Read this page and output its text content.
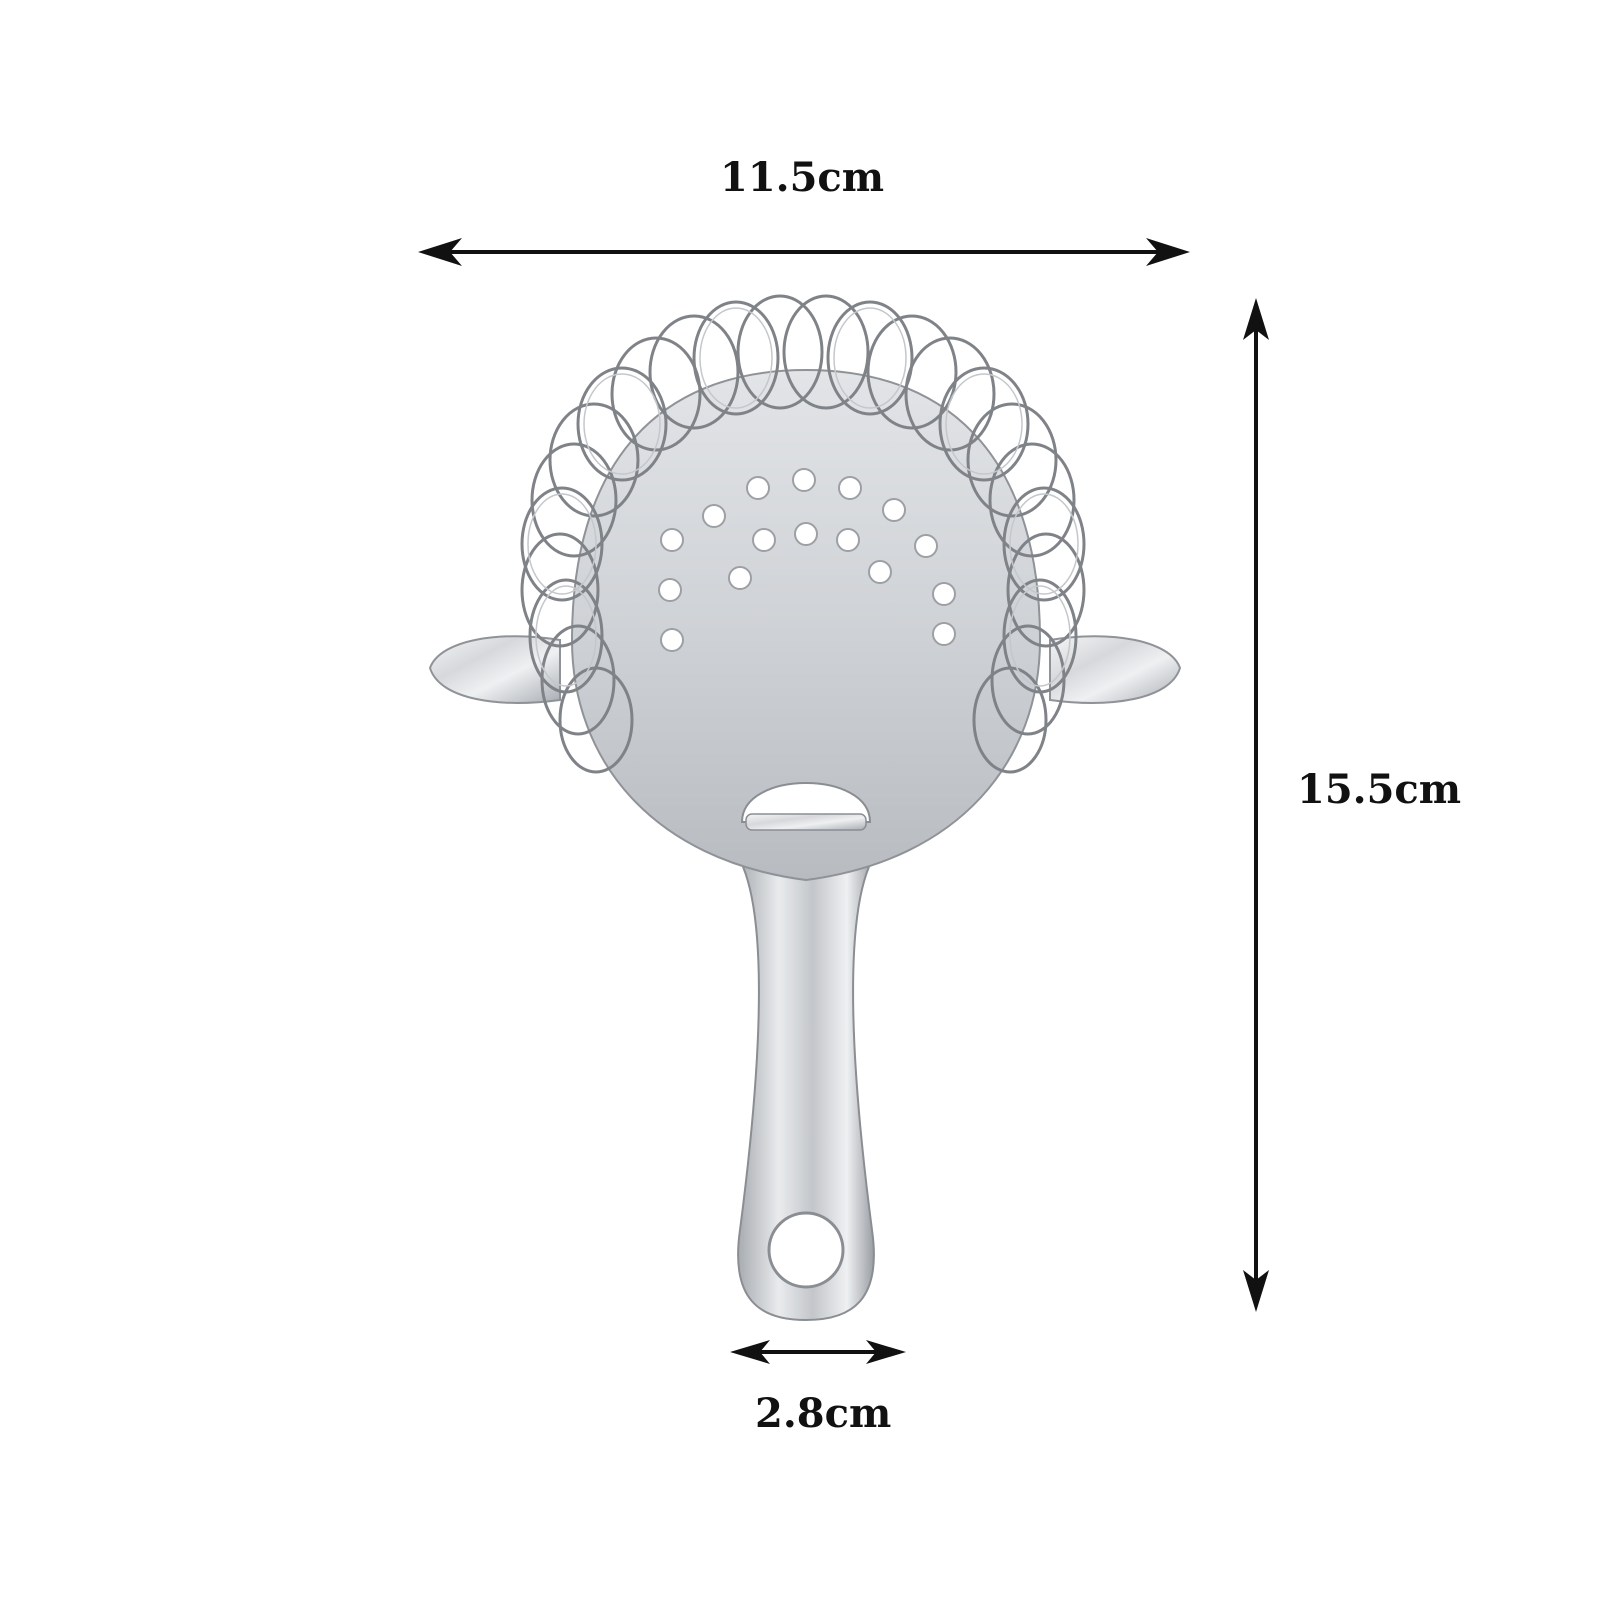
11.5cm
15.5cm
2.8cm
